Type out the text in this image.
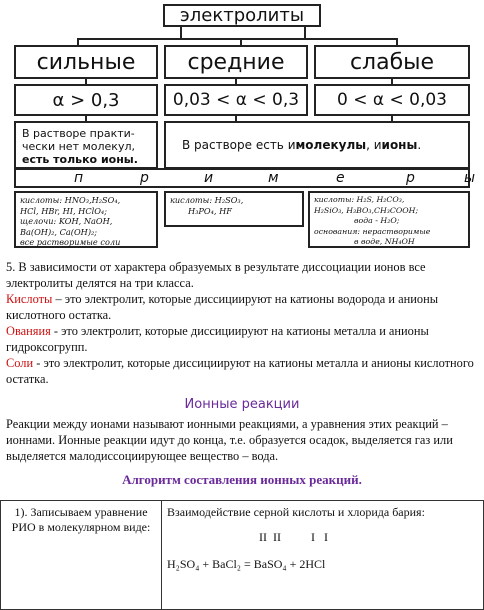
электролиты
сильные	средние	слабые
α > 0,3	0,03 < α < 0,3	0 < α < 0,03
В растворе практи-
чески нет молекул,
есть только ионы.
В растворе есть и молекулы , и ионы .
п	р	и	м	е	р	ы
кислоты: HNO₃,H₂SO₄,
HCl, HBr, HI, HClO₄;
щелочи: KOH, NaOH,
Ba(OH)₂, Ca(OH)₂;
все растворимые соли
кислоты: H₂SO₃,
H₃PO₄, HF
кислоты: H₂S, H₂CO₃,
H₂SiO₃, H₃BO₃,CH₃COOH;
вода - H₂O;
основания: нерастворимые
в воде, NH₄OH
5. В зависимости от характера образуемых в результате диссоциации ионов все электролиты делятся на три класса.
Кислоты – это электролит, которые диссициируют на катионы водорода и анионы кислотного остатка.
Ованяия - это электролит, которые диссициируют на катионы металла и анионы гидроксогрупп.
Соли - это электролит, которые диссициируют на катионы металла и анионы кислотного остатка.
Ионные реакции
Реакции между ионами называют ионными реакциями, а уравнения этих реакций – ионнами. Ионные реакции идут до конца, т.е. образуется осадок, выделяется газ или выделяется малодиссоциирующее вещество – вода.
Алгоритм составления ионных реакций.
1). Записываем уравнение РИО в молекулярном виде:	
Взаимодействие серной кислоты и хлорида бария:
II  II          I   I
H₂SO₄ + BaCl₂ = BaSO₄ + 2HCl
